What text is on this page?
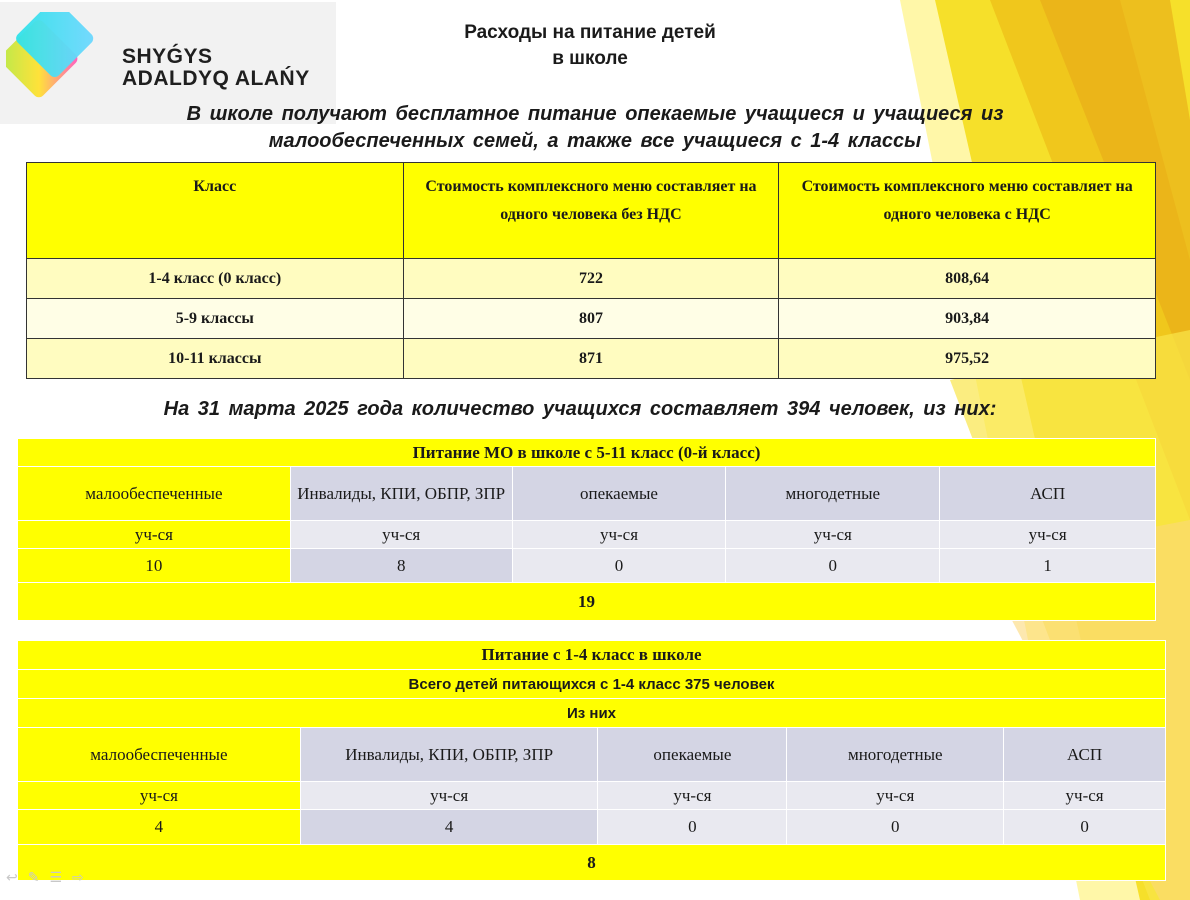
SHYǴYS
ADALDYQ ALAŃY
Расходы на питание детей
в школе
В школе получают бесплатное питание опекаемые учащиеся и учащиеся из
малообеспеченных семей, а также все учащиеся с 1-4 классы
Класс	Стоимость комплексного меню составляет на одного человека без НДС	Стоимость комплексного меню составляет на одного человека с НДС
1-4 класс (0 класс)	722	808,64
5-9 классы	807	903,84
10-11 классы	871	975,52
На 31 марта 2025 года количество учащихся составляет 394 человек, из них:
Питание МО в школе с 5-11 класс (0-й класс)				
малообеспеченные	Инвалиды, КПИ, ОБПР, ЗПР	опекаемые	многодетные	АСП
уч-ся	уч-ся	уч-ся	уч-ся	уч-ся
10	8	0	0	1
19				
Питание с 1-4 класс в школе				
Всего детей питающихся с 1-4 класс 375 человек				
Из них				
малообеспеченные	Инвалиды, КПИ, ОБПР, ЗПР	опекаемые	многодетные	АСП
уч-ся	уч-ся	уч-ся	уч-ся	уч-ся
4	4	0	0	0
8				
↩ ✎ ☰ ⇨
